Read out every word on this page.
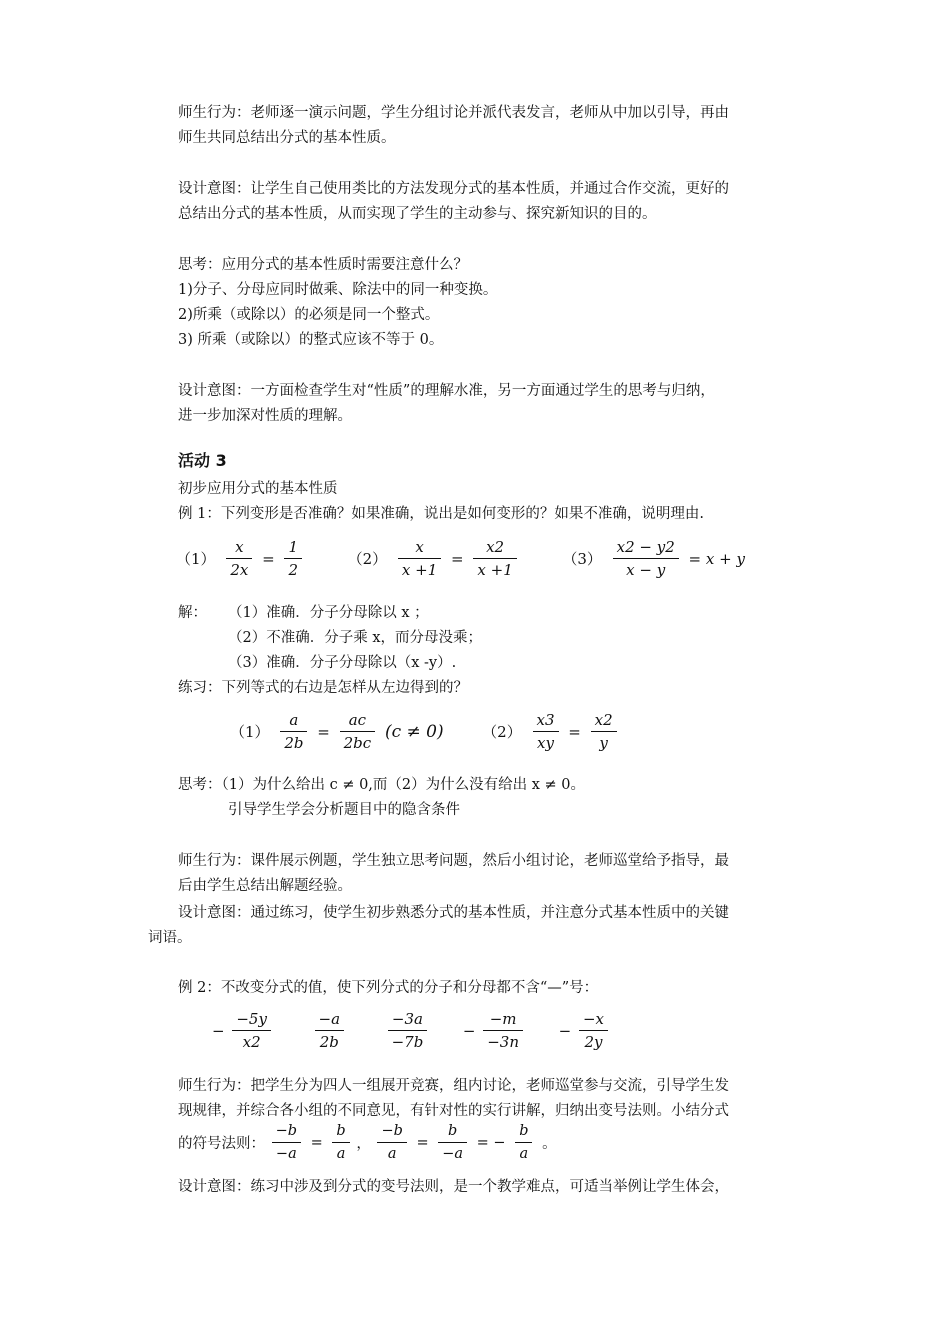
师生行为：老师逐一演示问题，学生分组讨论并派代表发言，老师从中加以引导，再由
师生共同总结出分式的基本性质。
设计意图：让学生自己使用类比的方法发现分式的基本性质，并通过合作交流，更好的
总结出分式的基本性质，从而实现了学生的主动参与、探究新知识的目的。
思考：应用分式的基本性质时需要注意什么？
1)分子、分母应同时做乘、除法中的同一种变换。
2)所乘（或除以）的必须是同一个整式。
3) 所乘（或除以）的整式应该不等于 0。
设计意图：一方面检查学生对“性质”的理解水准，另一方面通过学生的思考与归纳，
进一步加深对性质的理解。
活动 3
初步应用分式的基本性质
例 1：下列变形是否准确？如果准确，说出是如何变形的？如果不准确，说明理由.
$(1) \frac{x}{2x} = \frac{1}{2}$	$(2) \frac{x}{x +1} = \frac{x2}{x +1}$	$(3) \frac{x2 - y2}{x - y} = x + y$
解： （1）准确．分子分母除以 x ；
（2）不准确．分子乘 x，而分母没乘；
（3）准确．分子分母除以（x -y）.
练习：下列等式的右边是怎样从左边得到的？
$(1) \frac{a}{2b} = \frac{ac}{2bc} (c \ne 0)$	$(2) \frac{x3}{xy} = \frac{x2}{y}$
思考：（1）为什么给出 c ≠ 0,而（2）为什么没有给出 x ≠ 0。
引导学生学会分析题目中的隐含条件
师生行为：课件展示例题，学生独立思考问题，然后小组讨论，老师巡堂给予指导，最
后由学生总结出解题经验。
设计意图：通过练习，使学生初步熟悉分式的基本性质，并注意分式基本性质中的关键
词语。
例 2：不改变分式的值，使下列分式的分子和分母都不含“—”号：
− $\frac{-5y}{x2}$
	$\frac{-a}{2b}$
	$\frac{-3a}{-7b} - \frac{-m}{-3n} - \frac{-x}{2y}$
师生行为：把学生分为四人一组展开竞赛，组内讨论，老师巡堂参与交流，引导学生发
现规律，并综合各小组的不同意见，有针对性的实行讲解，归纳出变号法则。小结分式
的符号法则： $\frac{-b}{-a} = \frac{b}{a}$ ， $\frac{-b}{a} = \frac{b}{-a}$ = − $\frac{b}{a}$ 。
设计意图：练习中涉及到分式的变号法则，是一个教学难点，可适当举例让学生体会，
